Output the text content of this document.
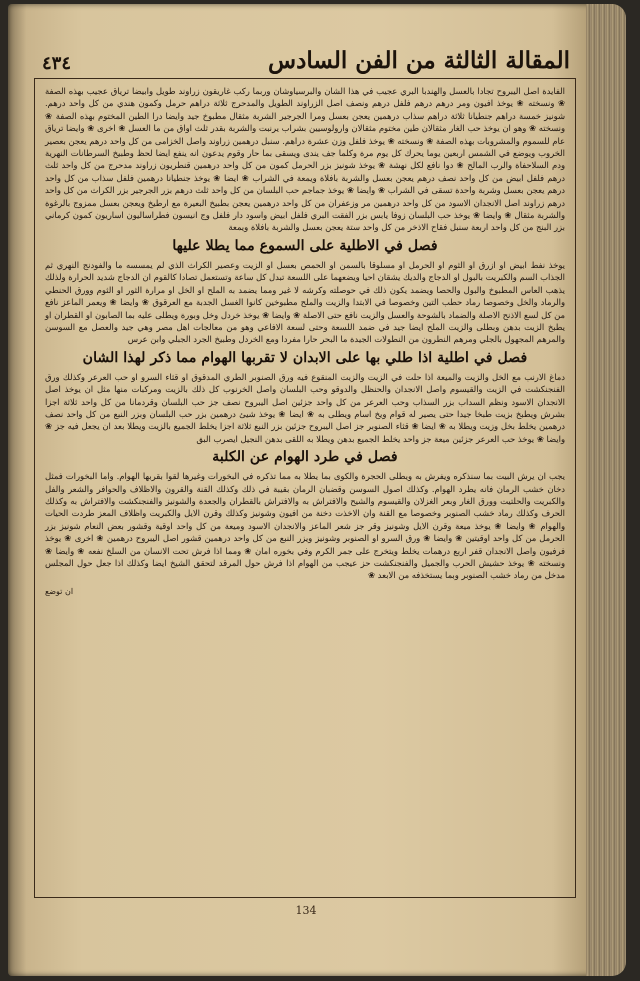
المقالة الثالثة من الفن السادس
٤٣٤

الفايدة اصل اليبروح تجادا بالعسل والهندبا البري عجيب في هذا الشان والبرسياوشان وربما ركب غاريقون زراوند طويل وابيضا ترياق عجيب بهذه الصفة ❀ ونسخته ❀ يوخذ افيون ومر درهم درهم فلفل درهم ونصف اصل الزراوند الطويل والمدحرج ثلاثة دراهم حرمل وكمون هندي من كل واحد درهم. شونيز خمسة دراهم جنطيانا ثلاثة دراهم سذاب درهمين يعجن بعسل ومرا الجرجير الشربة مثقال مطبوخ جيد وايضا درا الطين المختوم بهذه الصفة ❀ ونسخته ❀ وهو ان يوخذ حب الغار مثقالان طين مختوم مثقالان وارولوسيين بشراب يرنبت والشربة بقدر ثلث اواق من ما العسل ❀ اخرى ❀ وايضا ترياق عام للسموم والمشروبات بهذه الصفة ❀ ونسخته ❀ يوخذ فلفل وزن عشرة دراهم. سنبل درهمين زراوند واصل الخزامى من كل واحد درهم يعجن بعصير الخروب ويوضع في الشمس اربعين يوما يحرك كل يوم مرة وكلما جف يندى ويسقى بما حار وقوم يدعون انه ينفع ايضا لحظ وطبيخ السرطانات النهرية ودم السلاحفاة والرب المالح ❀ دوا نافع لكل نهشة ❀ يوخذ شونيز بزر الحرمل كمون من كل واحد درهمين قنطريون زراوند مدحرج من كل واحد ثلث درهم فلفل ابيض من كل واحد نصف درهم يعجن بعسل والشربة بافلاة ويمعة في الشراب ❀ ايضا ❀ يوخذ جنطيانا درهمين فلفل سذاب من كل واحد درهم يعجن بعسل وشربة واحدة تسقى في الشراب ❀ وايضا ❀ يوخذ جماجم حب البلسان من كل واحد ثلث درهم بزر الجرجير بزر الكراث من كل واحد درهم زراوند اصل الانجدان الاسود من كل واحد درهمين مر وزعفران من كل واحد درهمين يعجن بطبيخ البعيرة مع ارطيخ ويعجن بعسل ممزوج بالرغوة والشربة مثقال ❀ وايضا ❀ يوخذ حب البلسان زوفا يابس بزر الفقت البري فلفل ابيض واسود دار فلفل وج انيسون فطراساليون اساريون كمون كرماني بزر البنج من كل واحد اربعة سنبل فقاح الاذخر من كل واحد ستة يعجن بعسل والشربة بافلاة ويمعة

فصل في الاطلية على السموع مما يطلا عليها

يوخذ نفط ابيض او ازرق او الثوم او الحرمل او مسلوقا بالسمن او الحمص بعسل او الزيت وعصير الكراث الذي لم يمسسه ما والفودنج النهري ثم الجذاب السم والكبريت بالبول او الدجاج والديك يشقان احيا ويضعهما على اللسعة تبدل كل ساعة وتستعمل تصادا كالقوم ان الدجاج شديد الحرارة ولذلك يذهب العاس المطبوخ والبول والحصا ويضمد يكون ذلك في حوصلته وكرشه لا غير ومما يضمد به الملح او الخل او مرارة الثور او الثوم وورق الحنطي والرماد والخل وخصوصا رماد حطب التين وخصوصا في الابتدا والزيت والملح مطبوخين كانوا الغسل الجدبة مع العرقوق ❀ وايضا ❀ ويعمر الماعز نافع من كل لسع الاذنح الاصلة والضماد بالشوحة والعسل والزيت نافع حتى الاصلة ❀ وايضا ❀ يوخذ خردل وخل وبورة ويطلى عليه بما الصابون او القطران او يطبخ الزيت بدهن وبطلى والزيت الملح ايضا جيد في ضمد اللسعة وحتى لسعة الافاعي وهو من معالجات اهل مصر وهي جيد والعصل مع السوسن والمرهم المجهول بالجلي ومرهم النطرون من النطولات الجيدة ما البحر حارا مفردا ومع الخردل وطبيخ الجرد الجبلي وابن عرس

فصل في اطلية اذا طلي بها على الابدان لا تقربها الهوام مما ذكر لهذا الشان

دماغ الارنب مع الخل والزيت والميعة اذا حلت في الزيت والزيت المنقوع فيه ورق الصنوبر الطري المدقوق او قثاء السرو او حب العرعر وكذلك ورق الفنجنكشت في الزيت والقيسوم واصل الانجدان والحنظل والدوقو وحب البلسان واصل الخرنوب كل ذلك بالزيت ومركبات منها مثل ان يوخذ اصل الانجدان الاسود ونظم السداب بزر السذاب وحب العرعر من كل واحد جزئين اصل اليبروح نصف جز حب البلسان وقردمانا من كل واحد ثلاثة اجزا بشرش ويطبخ بزيت طبخا جيدا حتى يصير له قوام ويخ اسام ويطلى به ❀ ايضا ❀ يوخذ شيئ درهمين بزر حب البلسان وبزر النبع من كل واحد نصف درهمين يخلط بخل وزيت ويطلا به ❀ ايضا ❀ قثاء الصنوبر جز اصل اليبروح جزئين بزر النبع ثلاثة اجزا يخلط الجميع بالزيت ويطلا بعد ان يجعل فيه جز ❀ وايضا ❀ يوخذ حب العرعر جزئين ميعة جز واحد يخلط الجميع بدهن ويطلا به اللقى بدهن النجيل ايصرب البق

فصل في طرد الهوام عن الكلبة

يجب ان يرش البيت بما سنذكره ويفرش به ويطلى الحجرة والكوى بما يطلا به مما تذكره في البخورات وغيرها لقوا بقربها الهوام. واما البخورات فمثل دخان خشب الرمان فانه يطرد الهوام. وكذلك اصول السوسن وقضبان الرمان بقيبة في ذلك وكذلك القنة والقرون والاظلاف والحوافر والشعر والفل والكبريت والحلتيت وورق الغار وبعر الغزلان والقيسوم والشيح والافتراش به والافتراش بالقطران والجعدة والشونيز والفنجنكشت والافتراش به وكذلك الحرف وكذلك رماد خشب الصنوبر وخصوصا مع القنة وان الاخذت دخنة من افيون وشونيز وكذلك وقرن الايل والكبريت واظلاف المعز طردت الحيات والهوام ❀ وايضا ❀ يوخذ ميعة وقرن الايل وشونيز وقر جز شعر الماعز والانجدان الاسود وميعة من كل واحد اوقية وقشور بعض النعام شونيز بزر الحرمل من كل واحد اوقيتين ❀ وايضا ❀ ورق السرو او الصنوبر وشونيز ويزر النبع من كل واحد درهمين قشور اصل اليبروح درهمين ❀ اخرى ❀ يوخذ فرفيون واصل الانجدان قفر اربع درهمات يخلط ويتخرج على جمر الكرم وفي بخوره امان ❀ ومما اذا فرش تحت الانسان من السلخ نفعه ❀ وايضا ❀ ونسخته ❀ يوخذ حشيش الحرب والجميل والفنجنكشت حز عيجب من الهوام اذا فرش حول المرقد لتحقق الشيخ ايضا وكذلك اذا جعل حول المجلس مدخل من رماد خشب الصنوبر وبما يستخذفه من الابعد ❀

ان توضع

134
